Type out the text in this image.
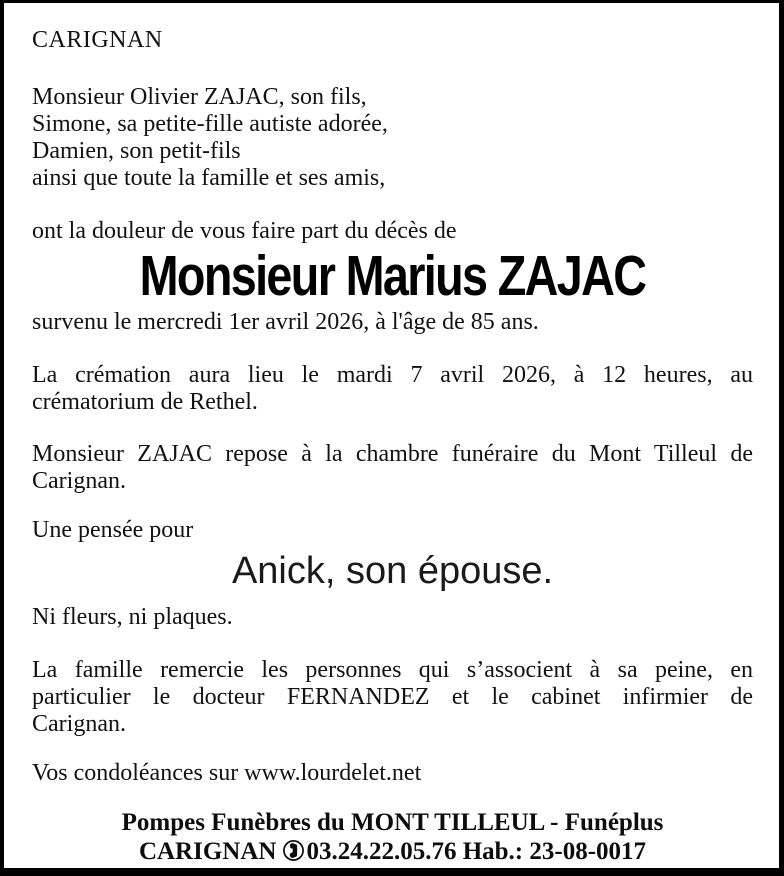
CARIGNAN

Monsieur Olivier ZAJAC, son fils,
Simone, sa petite-fille autiste adorée,
Damien, son petit-fils
ainsi que toute la famille et ses amis,

ont la douleur de vous faire part du décès de

Monsieur Marius ZAJAC

survenu le mercredi 1er avril 2026, à l'âge de 85 ans.

La crémation aura lieu le mardi 7 avril 2026, à 12 heures, au
crématorium de Rethel.
Monsieur ZAJAC repose à la chambre funéraire du Mont Tilleul de
Carignan.

Une pensée pour

Anick, son épouse.

Ni fleurs, ni plaques.

La famille remercie les personnes qui s’associent à sa peine, en
particulier le docteur FERNANDEZ et le cabinet infirmier de
Carignan.

Vos condoléances sur www.lourdelet.net

Pompes Funèbres du MONT TILLEUL - Funéplus
CARIGNAN 03.24.22.05.76 Hab.: 23-08-0017
